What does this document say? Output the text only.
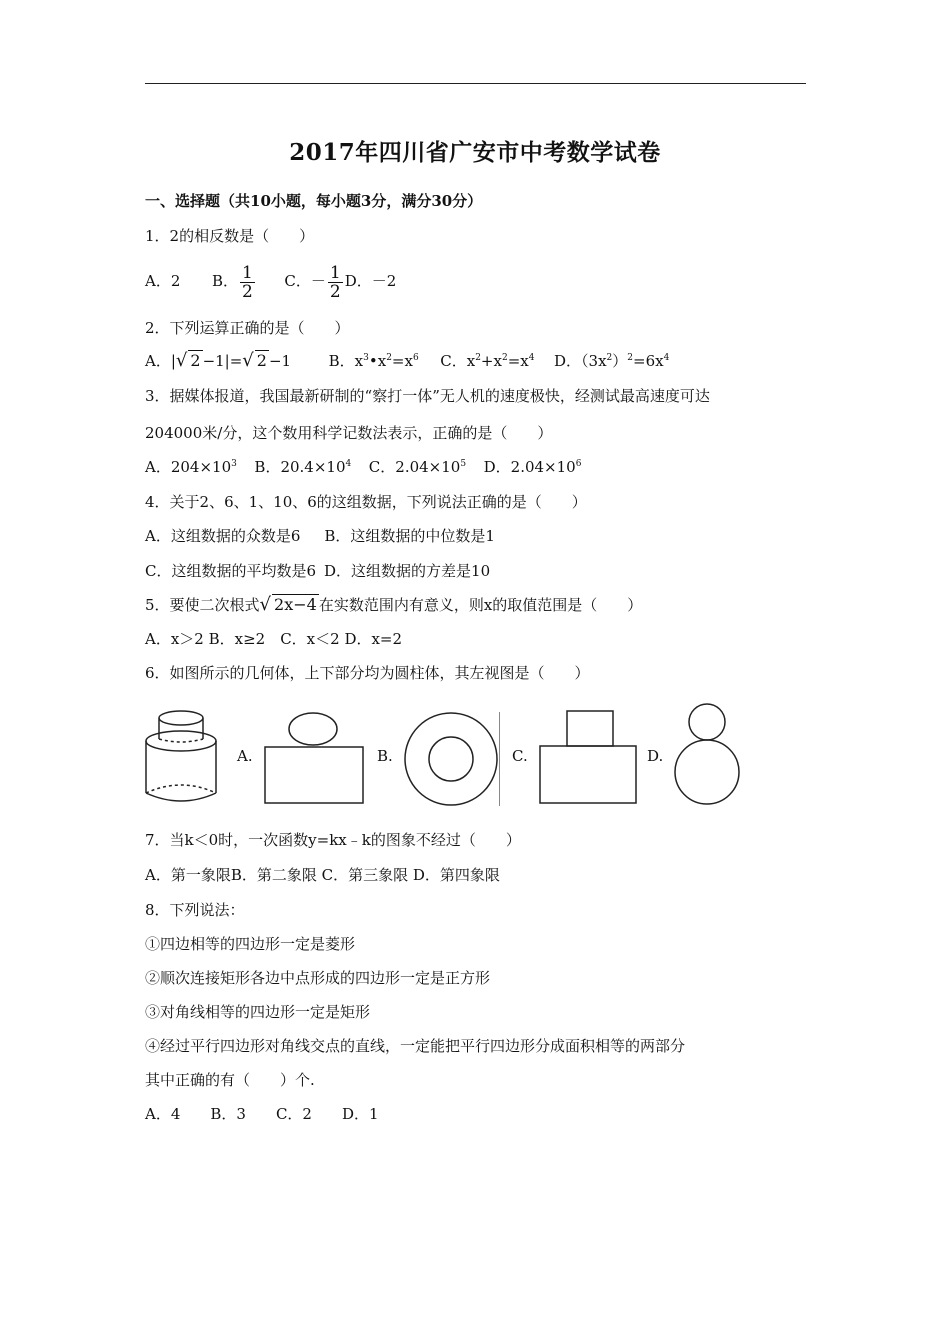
2017年四川省广安市中考数学试卷
一、选择题（共10小题，每小题3分，满分30分）
1．2的相反数是（　　）
A．2 B． $\frac{1}{2}$ C．－ $\frac{1}{2}$ D．－2
2．下列运算正确的是（　　）
A．|√ 2 −1|=√ 2 −1	B．$x^3•x^2=x^6$ C．$x^2+x^2=x^4$ D．$(3x^2)^2=6x^4$
3．据媒体报道，我国最新研制的“察打一体”无人机的速度极快，经测试最高速度可达
204000米/分，这个数用科学记数法表示，正确的是（　　）
A．$204\times 10^3$ B．$20.4\times 10^4$ C．$2.04\times 10^5$ D．$2.04\times 10^6$
4．关于2、6、1、10、6的这组数据，下列说法正确的是（　　）
A．这组数据的众数是6 B．这组数据的中位数是1
C．这组数据的平均数是6 D．这组数据的方差是10
5．要使二次根式√ 2x−4 在实数范围内有意义，则x的取值范围是（　　）
A．x＞2 B．x≥2　C．x＜2 D．x=2
6．如图所示的几何体，上下部分均为圆柱体，其左视图是（　　）
A.	B.	C.	D.
7．当k＜0时，一次函数y=kx﹣k的图象不经过（　　）
A．第一象限B．第二象限 C．第三象限 D．第四象限
8．下列说法：
①四边相等的四边形一定是菱形
②顺次连接矩形各边中点形成的四边形一定是正方形
③对角线相等的四边形一定是矩形
④经过平行四边形对角线交点的直线，一定能把平行四边形分成面积相等的两部分
其中正确的有（　　）个.
A．4　　B．3　　C．2　　D．1
